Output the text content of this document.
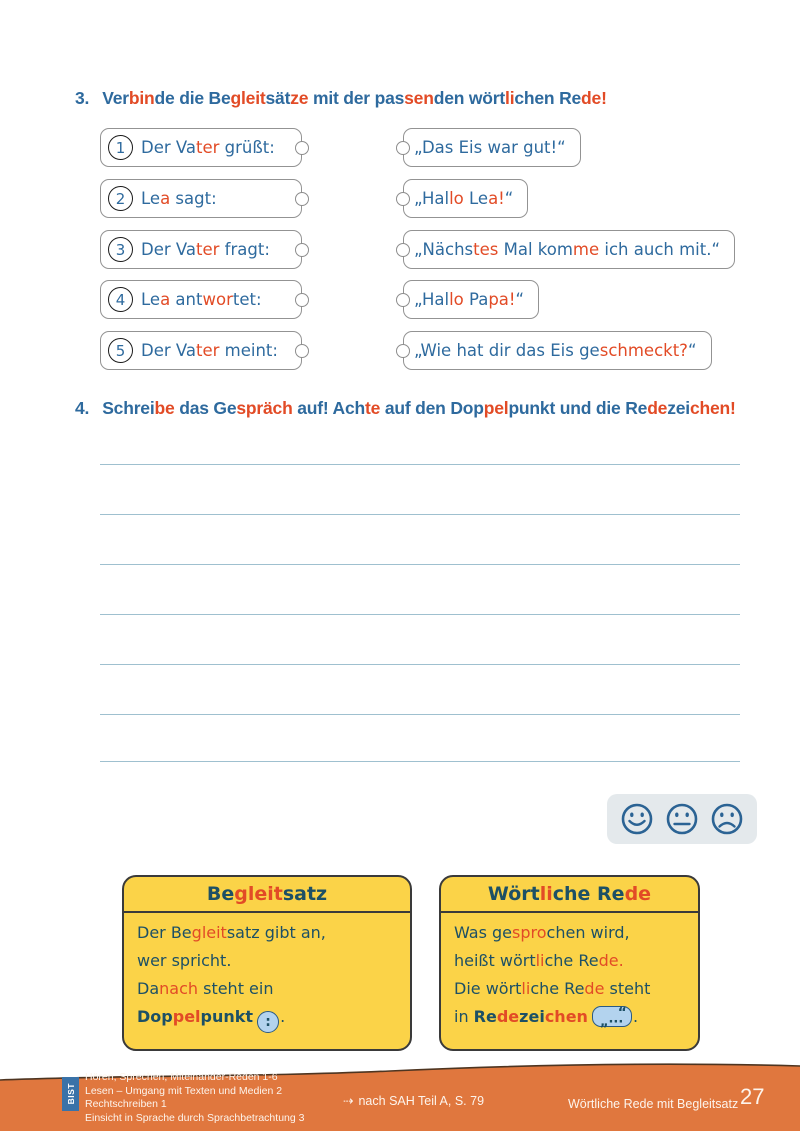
3. Verbinde die Begleitsätze mit der passenden wörtlichen Rede!
1 Der Vater grüßt:
2 Lea sagt:
3 Der Vater fragt:
4 Lea antwortet:
5 Der Vater meint:
„Das Eis war gut!“
„Hallo Lea!“
„Nächstes Mal komme ich auch mit.“
„Hallo Papa!“
„Wie hat dir das Eis geschmeckt?“
4. Schreibe das Gespräch auf! Achte auf den Doppelpunkt und die Redezeichen!
Be gleit satz
Der Begleitsatz gibt an,
wer spricht.
Danach steht ein
Doppelpunkt : .
Wört li che Re de
Was gesprochen wird,
heißt wörtliche Rede.
Die wörtliche Rede steht
in Redezeichen „···
“ .
BIST
Hören, Sprechen, Miteinander-Reden 1-6
Lesen – Umgang mit Texten und Medien 2
Rechtschreiben 1
Einsicht in Sprache durch Sprachbetrachtung 3
⇢ nach SAH Teil A, S. 79	Wörtliche Rede mit Begleitsatz 27
